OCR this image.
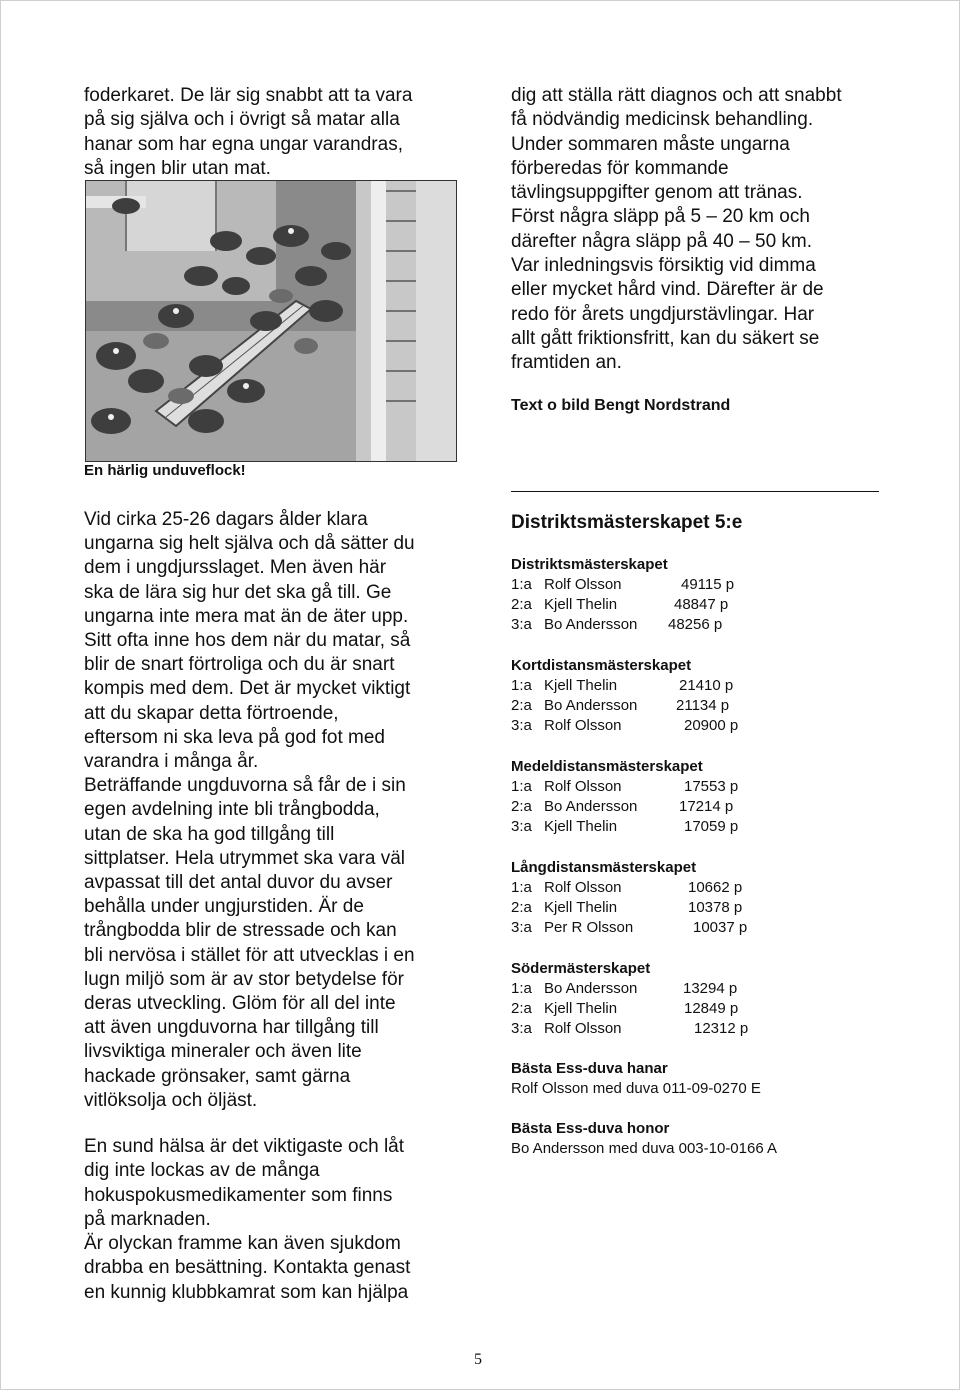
foderkaret. De lär sig snabbt att ta vara
på sig själva och i övrigt så matar alla
hanar som har egna ungar varandras,
så ingen blir utan mat.

dig att ställa rätt diagnos och att snabbt
få nödvändig medicinsk behandling.
Under sommaren måste ungarna
förberedas för kommande
tävlingsuppgifter genom att tränas.
Först några släpp på 5 – 20 km och
därefter några släpp på 40 – 50 km.
Var inledningsvis försiktig vid dimma
eller mycket hård vind. Därefter är de
redo för årets ungdjurstävlingar. Har
allt gått friktionsfritt, kan du säkert se
framtiden an.
Text o bild Bengt Nordstrand
En härlig unduveflock!
Vid cirka 25-26 dagars ålder klara
ungarna sig helt själva och då sätter du
dem i ungdjursslaget. Men även här
ska de lära sig hur det ska gå till. Ge
ungarna inte mera mat än de äter upp.
Sitt ofta inne hos dem när du matar, så
blir de snart förtroliga och du är snart
kompis med dem. Det är mycket viktigt
att du skapar detta förtroende,
eftersom ni ska leva på god fot med
varandra i många år.
Beträffande ungduvorna så får de i sin
egen avdelning inte bli trångbodda,
utan de ska ha god tillgång till
sittplatser. Hela utrymmet ska vara väl
avpassat till det antal duvor du avser
behålla under ungjurstiden. Är de
trångbodda blir de stressade och kan
bli nervösa i stället för att utvecklas i en
lugn miljö som är av stor betydelse för
deras utveckling. Glöm för all del inte
att även ungduvorna har tillgång till
livsviktiga mineraler och även lite
hackade grönsaker, samt gärna
vitlöksolja och öljäst.
En sund hälsa är det viktigaste och låt
dig inte lockas av de många
hokuspokusmedikamenter som finns
på marknaden.
Är olyckan framme kan även sjukdom
drabba en besättning. Kontakta genast
en kunnig klubbkamrat som kan hjälpa
Distriktsmästerskapet 5:e
Distriktsmästerskapet
1:a Rolf Olsson	49115 p
2:a Kjell Thelin	48847 p
3:a Bo Andersson 48256 p
Kortdistansmästerskapet
1:a Kjell Thelin	21410 p
2:a Bo Andersson	21134 p
3:a Rolf Olsson	20900 p
Medeldistansmästerskapet
1:a Rolf Olsson	17553 p
2:a Bo Andersson	17214 p
3:a Kjell Thelin	17059 p
Långdistansmästerskapet
1:a Rolf Olsson	10662 p
2:a Kjell Thelin	10378 p
3:a Per R Olsson	10037 p
Södermästerskapet
1:a Bo Andersson	13294 p
2:a Kjell Thelin	12849 p
3:a Rolf Olsson	12312 p
Bästa Ess-duva hanar
Rolf Olsson med duva 011-09-0270 E
Bästa Ess-duva honor
Bo Andersson med duva 003-10-0166 A
5
